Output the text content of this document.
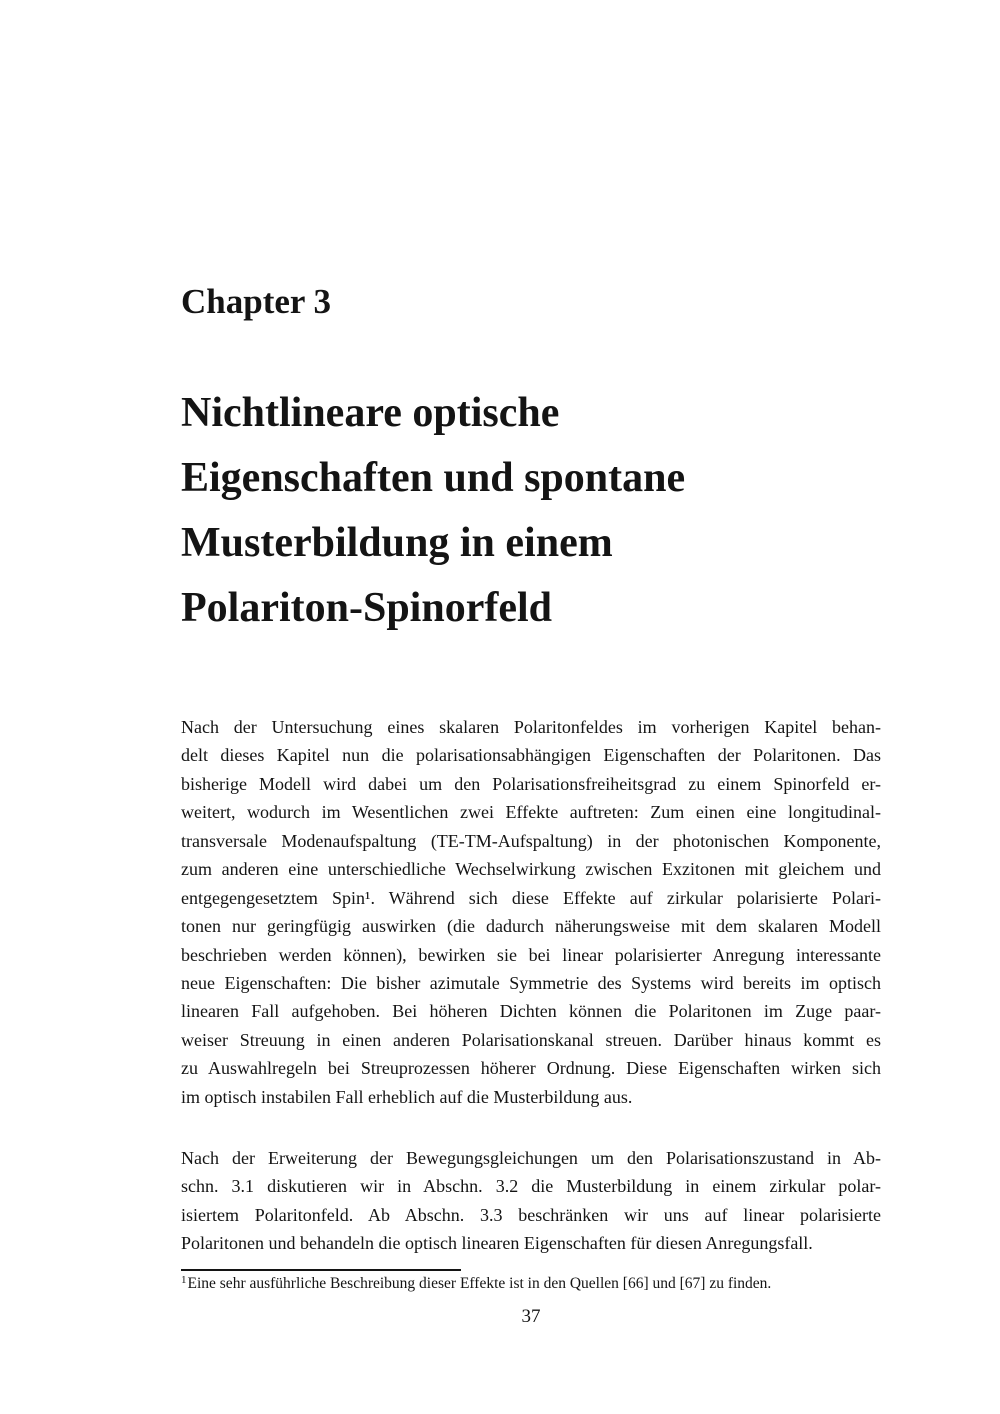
Chapter 3
Nichtlineare optische
Eigenschaften und spontane
Musterbildung in einem
Polariton-Spinorfeld
Nach der Untersuchung eines skalaren Polaritonfeldes im vorherigen Kapitel behan-
delt dieses Kapitel nun die polarisationsabhängigen Eigenschaften der Polaritonen. Das
bisherige Modell wird dabei um den Polarisationsfreiheitsgrad zu einem Spinorfeld er-
weitert, wodurch im Wesentlichen zwei Effekte auftreten: Zum einen eine longitudinal-
transversale Modenaufspaltung (TE-TM-Aufspaltung) in der photonischen Komponente,
zum anderen eine unterschiedliche Wechselwirkung zwischen Exzitonen mit gleichem und
entgegengesetztem Spin¹. Während sich diese Effekte auf zirkular polarisierte Polari-
tonen nur geringfügig auswirken (die dadurch näherungsweise mit dem skalaren Modell
beschrieben werden können), bewirken sie bei linear polarisierter Anregung interessante
neue Eigenschaften: Die bisher azimutale Symmetrie des Systems wird bereits im optisch
linearen Fall aufgehoben. Bei höheren Dichten können die Polaritonen im Zuge paar-
weiser Streuung in einen anderen Polarisationskanal streuen. Darüber hinaus kommt es
zu Auswahlregeln bei Streuprozessen höherer Ordnung. Diese Eigenschaften wirken sich
im optisch instabilen Fall erheblich auf die Musterbildung aus.
Nach der Erweiterung der Bewegungsgleichungen um den Polarisationszustand in Ab-
schn. 3.1 diskutieren wir in Abschn. 3.2 die Musterbildung in einem zirkular polar-
isiertem Polaritonfeld. Ab Abschn. 3.3 beschränken wir uns auf linear polarisierte
Polaritonen und behandeln die optisch linearen Eigenschaften für diesen Anregungsfall.
$^1$Eine sehr ausführliche Beschreibung dieser Effekte ist in den Quellen [66] und [67] zu finden.
37
